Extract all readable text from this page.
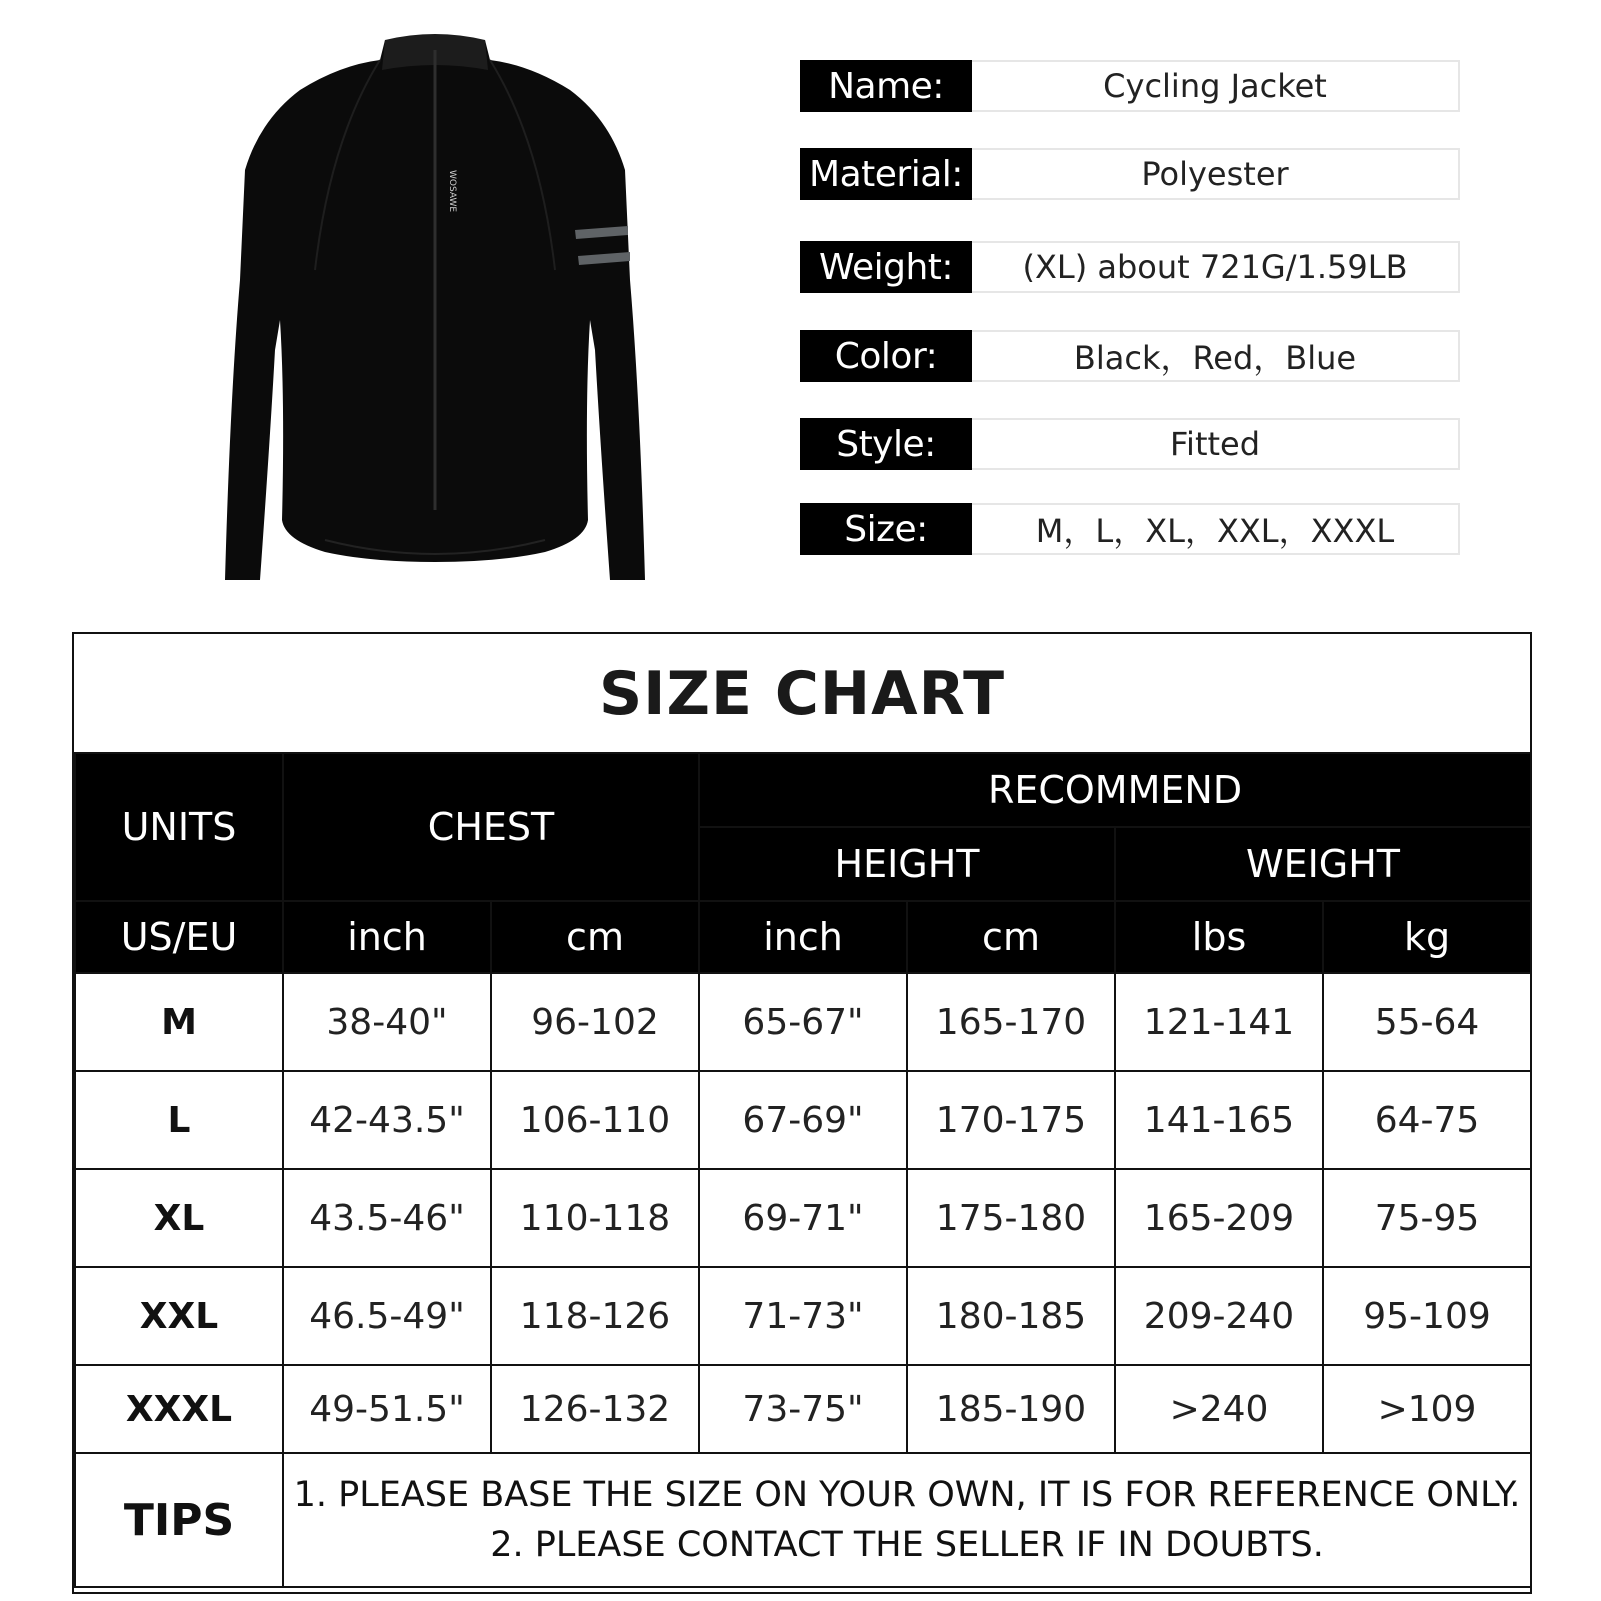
WOSAWE
Name:	Cycling Jacket
Material:	Polyester
Weight:	(XL) about 721G/1.59LB
Color:	Black，Red，Blue
Style:	Fitted
Size:	M，L，XL，XXL，XXXL
SIZE CHART
UNITS	CHEST		RECOMMEND			
			HEIGHT		WEIGHT	
US/EU	inch	cm	inch	cm	lbs	kg
M	38-40"	96-102	65-67"	165-170	121-141	55-64
L	42-43.5"	106-110	67-69"	170-175	141-165	64-75
XL	43.5-46"	110-118	69-71"	175-180	165-209	75-95
XXL	46.5-49"	118-126	71-73"	180-185	209-240	95-109
XXXL	49-51.5"	126-132	73-75"	185-190	>240	>109
TIPS	1. PLEASE BASE THE SIZE ON YOUR OWN, IT IS FOR REFERENCE ONLY.
2. PLEASE CONTACT THE SELLER IF IN DOUBTS.					
